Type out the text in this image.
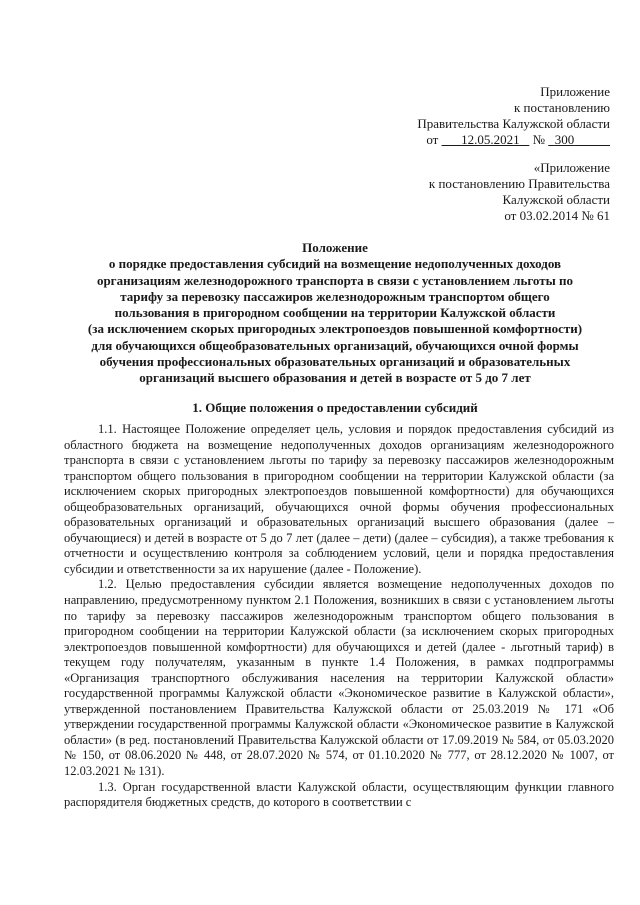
Приложение
к постановлению
Правительства Калужской области
от 12.05.2021 № 300
«Приложение
к постановлению Правительства
Калужской области
от 03.02.2014 № 61
Положение
о порядке предоставления субсидий на возмещение недополученных доходов
организациям железнодорожного транспорта в связи с установлением льготы по
тарифу за перевозку пассажиров железнодорожным транспортом общего
пользования в пригородном сообщении на территории Калужской области
(за исключением скорых пригородных электропоездов повышенной комфортности)
для обучающихся общеобразовательных организаций, обучающихся очной формы
обучения профессиональных образовательных организаций и образовательных
организаций высшего образования и детей в возрасте от 5 до 7 лет
1. Общие положения о предоставлении субсидий

1.1. Настоящее Положение определяет цель, условия и порядок предоставления субсидий из областного бюджета на возмещение недополученных доходов организациям железнодорожного транспорта в связи с установлением льготы по тарифу за перевозку пассажиров железнодорожным транспортом общего пользования в пригородном сообщении на территории Калужской области (за исключением скорых пригородных электропоездов повышенной комфортности) для обучающихся общеобразовательных организаций, обучающихся очной формы обучения профессиональных образовательных организаций и образовательных организаций высшего образования (далее – обучающиеся) и детей в возрасте от 5 до 7 лет (далее – дети) (далее – субсидия), а также требования к отчетности и осуществлению контроля за соблюдением условий, цели и порядка предоставления субсидии и ответственности за их нарушение (далее - Положение).

1.2. Целью предоставления субсидии является возмещение недополученных доходов по направлению, предусмотренному пунктом 2.1 Положения, возникших в связи с установлением льготы по тарифу за перевозку пассажиров железнодорожным транспортом общего пользования в пригородном сообщении на территории Калужской области (за исключением скорых пригородных электропоездов повышенной комфортности) для обучающихся и детей (далее - льготный тариф) в текущем году получателям, указанным в пункте 1.4 Положения, в рамках подпрограммы «Организация транспортного обслуживания населения на территории Калужской области» государственной программы Калужской области «Экономическое развитие в Калужской области», утвержденной постановлением Правительства Калужской области от 25.03.2019 № 171 «Об утверждении государственной программы Калужской области «Экономическое развитие в Калужской области» (в ред. постановлений Правительства Калужской области от 17.09.2019 № 584, от 05.03.2020 № 150, от 08.06.2020 № 448, от 28.07.2020 № 574, от 01.10.2020 № 777, от 28.12.2020 № 1007, от 12.03.2021 № 131).

1.3. Орган государственной власти Калужской области, осуществляющим функции главного распорядителя бюджетных средств, до которого в соответствии с
